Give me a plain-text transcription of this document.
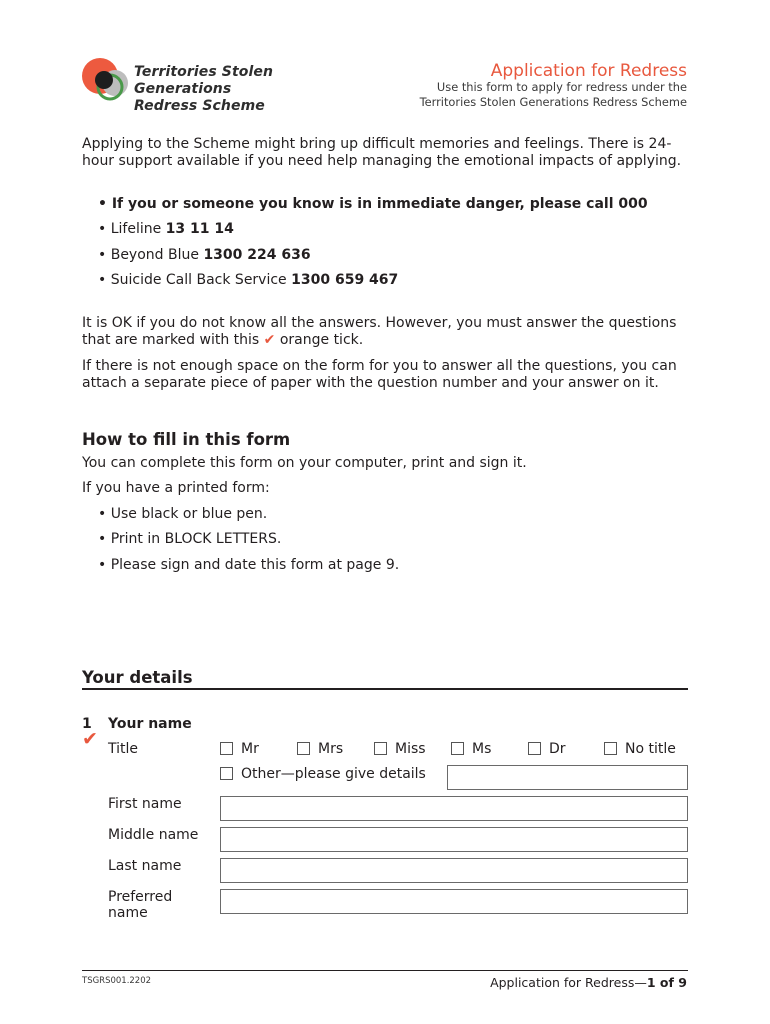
Territories Stolen Generations
Redress Scheme
Application for Redress
Use this form to apply for redress under the
Territories Stolen Generations Redress Scheme
Applying to the Scheme might bring up difficult memories and feelings. There is 24-hour support available if you need help managing the emotional impacts of applying.
• If you or someone you know is in immediate danger, please call 000
• Lifeline 13 11 14
• Beyond Blue 1300 224 636
• Suicide Call Back Service 1300 659 467
It is OK if you do not know all the answers. However, you must answer the questions that are marked with this ✔ orange tick.
If there is not enough space on the form for you to answer all the questions, you can attach a separate piece of paper with the question number and your answer on it.
How to fill in this form
You can complete this form on your computer, print and sign it.
If you have a printed form:
• Use black or blue pen.
• Print in BLOCK LETTERS.
• Please sign and date this form at page 9.
Your details
1
✔
Your name
Title	Mr	Mrs	Miss	Ms	Dr	No title
Other—please give details
First name
Middle name
Last name
Preferred
name
TSGRS001.2202	Application for Redress—1 of 9
